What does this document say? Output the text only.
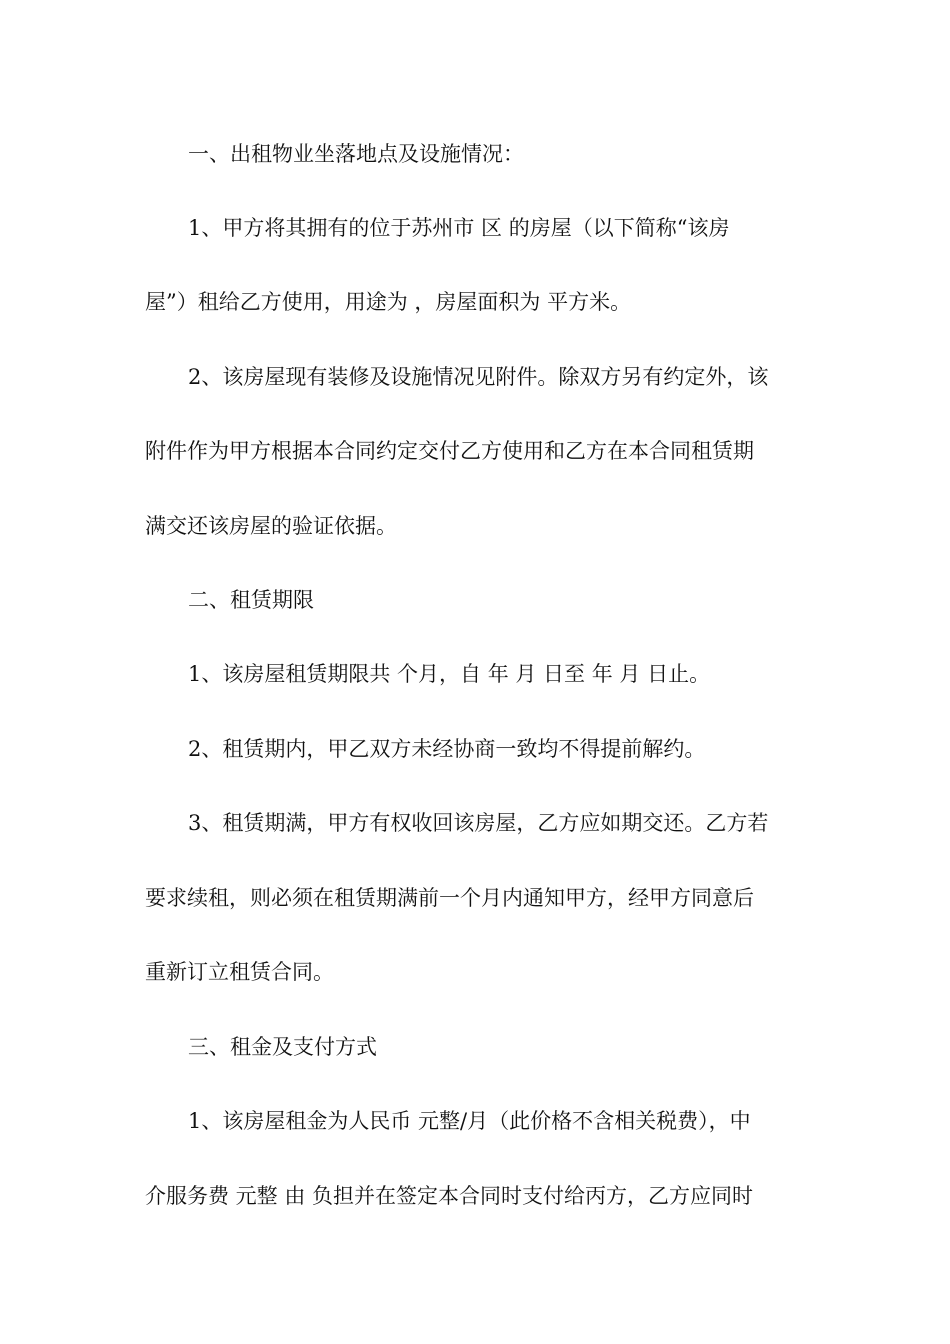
一、出租物业坐落地点及设施情况：
1、甲方将其拥有的位于苏州市 区 的房屋（以下简称“该房
屋”）租给乙方使用，用途为 ，房屋面积为 平方米。
2、该房屋现有装修及设施情况见附件。除双方另有约定外，该
附件作为甲方根据本合同约定交付乙方使用和乙方在本合同租赁期
满交还该房屋的验证依据。
二、租赁期限
1、该房屋租赁期限共 个月，自 年 月 日至 年 月 日止。
2、租赁期内，甲乙双方未经协商一致均不得提前解约。
3、租赁期满，甲方有权收回该房屋，乙方应如期交还。乙方若
要求续租，则必须在租赁期满前一个月内通知甲方，经甲方同意后
重新订立租赁合同。
三、租金及支付方式
1、该房屋租金为人民币 元整/月（此价格不含相关税费），中
介服务费 元整 由 负担并在签定本合同时支付给丙方，乙方应同时
